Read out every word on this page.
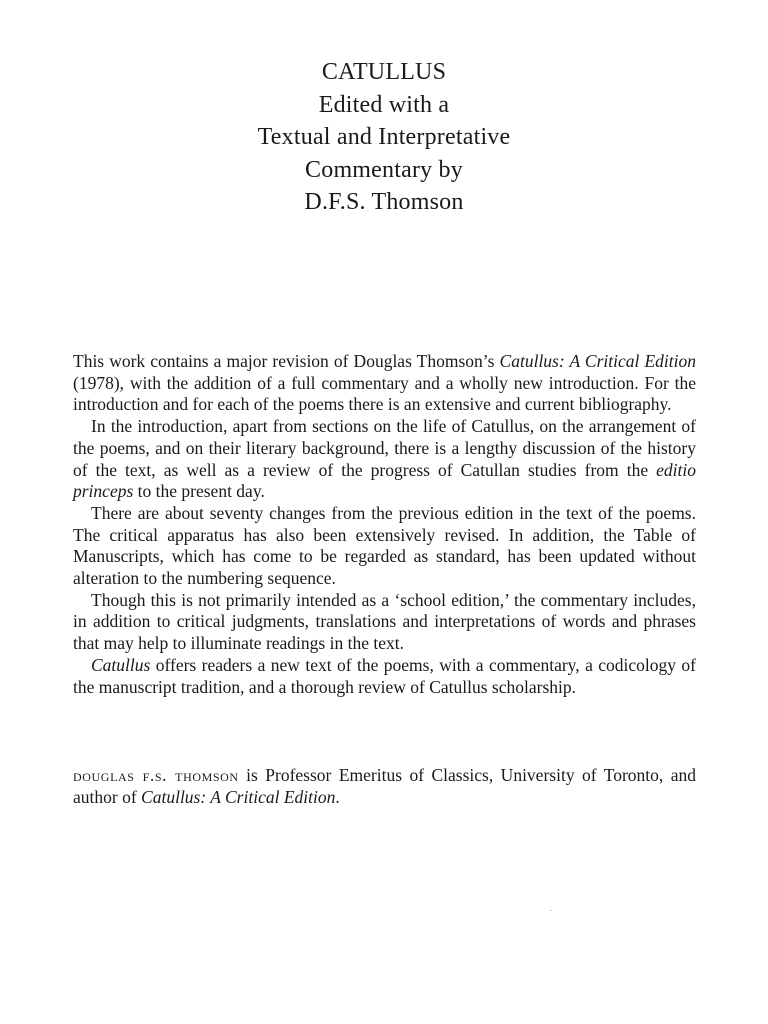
CATULLUS
Edited with a
Textual and Interpretative
Commentary by
D.F.S. Thomson

This work contains a major revision of Douglas Thomson’s Catullus: A Critical Edition (1978), with the addition of a full commentary and a wholly new introduction. For the introduction and for each of the poems there is an extensive and current bibliography.

In the introduction, apart from sections on the life of Catullus, on the arrangement of the poems, and on their literary background, there is a lengthy discussion of the history of the text, as well as a review of the progress of Catullan studies from the editio princeps to the present day.

There are about seventy changes from the previous edition in the text of the poems. The critical apparatus has also been extensively revised. In addition, the Table of Manuscripts, which has come to be regarded as standard, has been updated without alteration to the numbering sequence.

Though this is not primarily intended as a ‘school edition,’ the commentary includes, in addition to critical judgments, translations and interpretations of words and phrases that may help to illuminate readings in the text.

Catullus offers readers a new text of the poems, with a commentary, a codicology of the manuscript tradition, and a thorough review of Catullus scholarship.

douglas f.s. thomson is Professor Emeritus of Classics, University of Toronto, and author of Catullus: A Critical Edition.
